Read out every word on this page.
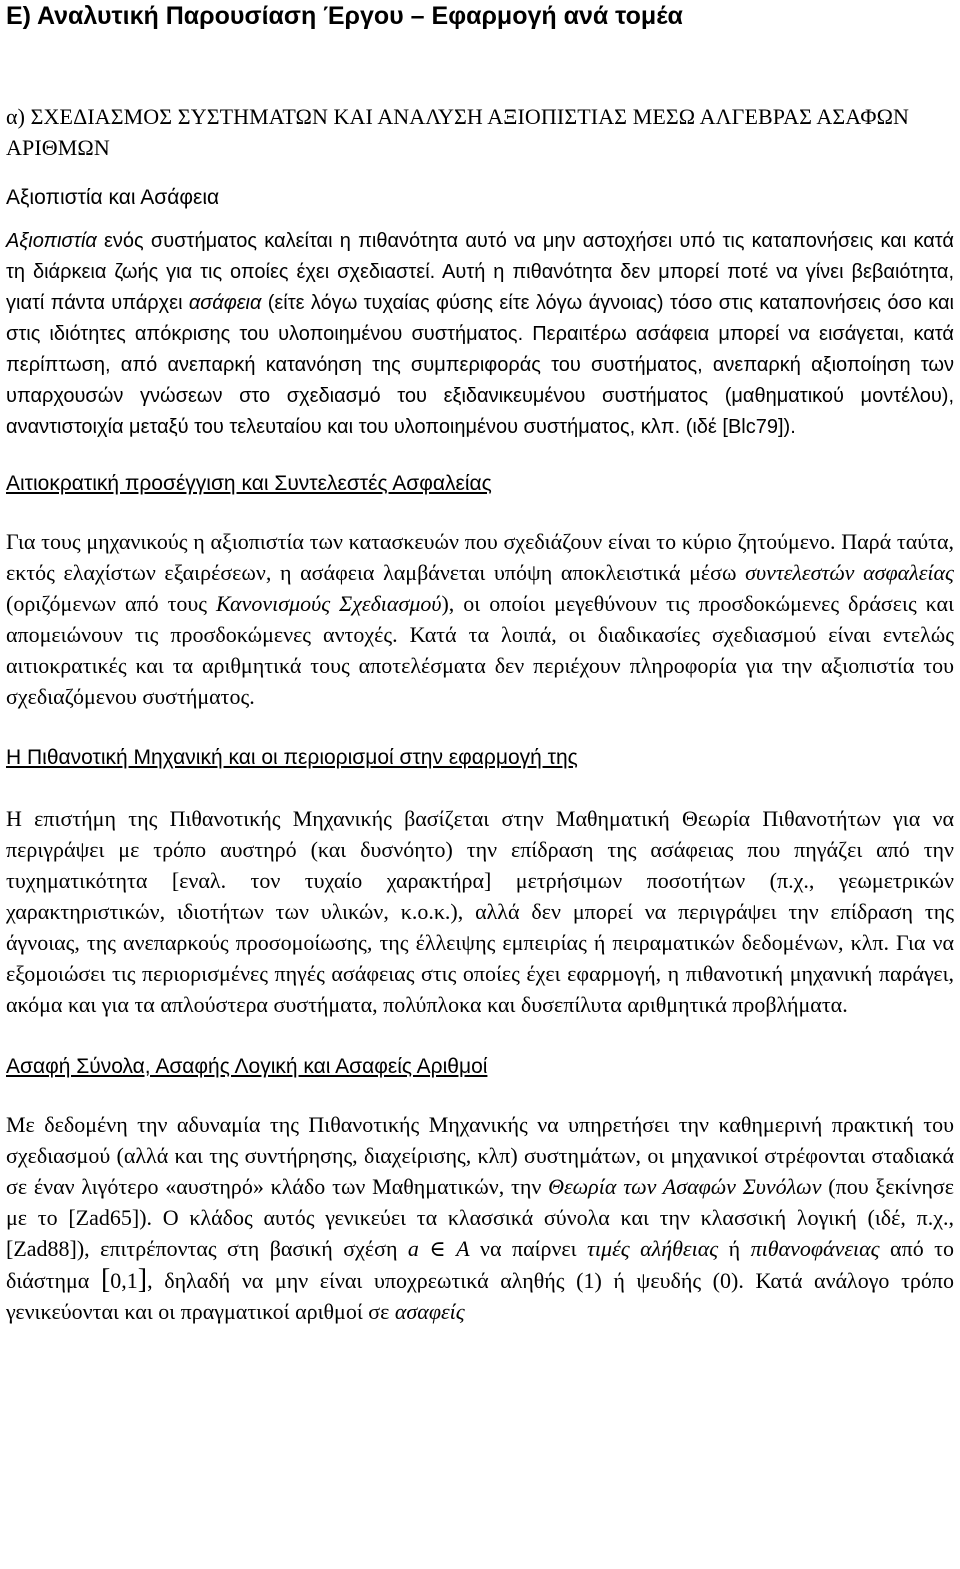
Ε) Αναλυτική Παρουσίαση Έργου – Εφαρμογή ανά τομέα
α) ΣΧΕΔΙΑΣΜΟΣ ΣΥΣΤΗΜΑΤΩΝ ΚΑΙ ΑΝΑΛΥΣΗ ΑΞΙΟΠΙΣΤΙΑΣ ΜΕΣΩ ΑΛΓΕΒΡΑΣ ΑΣΑΦΩΝ ΑΡΙΘΜΩΝ

Αξιοπιστία και Ασάφεια

Αξιοπιστία ενός συστήματος καλείται η πιθανότητα αυτό να μην αστοχήσει υπό τις καταπονήσεις και κατά τη διάρκεια ζωής για τις οποίες έχει σχεδιαστεί. Αυτή η πιθανότητα δεν μπορεί ποτέ να γίνει βεβαιότητα, γιατί πάντα υπάρχει ασάφεια (είτε λόγω τυχαίας φύσης είτε λόγω άγνοιας) τόσο στις καταπονήσεις όσο και στις ιδιότητες απόκρισης του υλοποιημένου συστήματος. Περαιτέρω ασάφεια μπορεί να εισάγεται, κατά περίπτωση, από ανεπαρκή κατανόηση της συμπεριφοράς του συστήματος, ανεπαρκή αξιοποίηση των υπαρχουσών γνώσεων στο σχεδιασμό του εξιδανικευμένου συστήματος (μαθηματικού μοντέλου), αναντιστοιχία μεταξύ του τελευταίου και του υλοποιημένου συστήματος, κλπ. (ιδέ [Blc79]).

Αιτιοκρατική προσέγγιση και Συντελεστές Ασφαλείας

Για τους μηχανικούς η αξιοπιστία των κατασκευών που σχεδιάζουν είναι το κύριο ζητούμενο. Παρά ταύτα, εκτός ελαχίστων εξαιρέσεων, η ασάφεια λαμβάνεται υπόψη αποκλειστικά μέσω συντελεστών ασφαλείας (οριζόμενων από τους Κανονισμούς Σχεδιασμού), οι οποίοι μεγεθύνουν τις προσδοκώμενες δράσεις και απομειώνουν τις προσδοκώμενες αντοχές. Κατά τα λοιπά, οι διαδικασίες σχεδιασμού είναι εντελώς αιτιοκρατικές και τα αριθμητικά τους αποτελέσματα δεν περιέχουν πληροφορία για την αξιοπιστία του σχεδιαζόμενου συστήματος.

Η Πιθανοτική Μηχανική και οι περιορισμοί στην εφαρμογή της

Η επιστήμη της Πιθανοτικής Μηχανικής βασίζεται στην Μαθηματική Θεωρία Πιθανοτήτων για να περιγράψει με τρόπο αυστηρό (και δυσνόητο) την επίδραση της ασάφειας που πηγάζει από την τυχηματικότητα [εναλ. τον τυχαίο χαρακτήρα] μετρήσιμων ποσοτήτων (π.χ., γεωμετρικών χαρακτηριστικών, ιδιοτήτων των υλικών, κ.ο.κ.), αλλά δεν μπορεί να περιγράψει την επίδραση της άγνοιας, της ανεπαρκούς προσομοίωσης, της έλλειψης εμπειρίας ή πειραματικών δεδομένων, κλπ. Για να εξομοιώσει τις περιορισμένες πηγές ασάφειας στις οποίες έχει εφαρμογή, η πιθανοτική μηχανική παράγει, ακόμα και για τα απλούστερα συστήματα, πολύπλοκα και δυσεπίλυτα αριθμητικά προβλήματα.

Ασαφή Σύνολα, Ασαφής Λογική και Ασαφείς Αριθμοί

Με δεδομένη την αδυναμία της Πιθανοτικής Μηχανικής να υπηρετήσει την καθημερινή πρακτική του σχεδιασμού (αλλά και της συντήρησης, διαχείρισης, κλπ) συστημάτων, οι μηχανικοί στρέφονται σταδιακά σε έναν λιγότερο «αυστηρό» κλάδο των Μαθηματικών, την Θεωρία των Ασαφών Συνόλων (που ξεκίνησε με το [Zad65]). Ο κλάδος αυτός γενικεύει τα κλασσικά σύνολα και την κλασσική λογική (ιδέ, π.χ., [Zad88]), επιτρέποντας στη βασική σχέση a ∈ A να παίρνει τιμές αλήθειας ή πιθανοφάνειας από το διάστημα [0,1], δηλαδή να μην είναι υποχρεωτικά αληθής (1) ή ψευδής (0). Κατά ανάλογο τρόπο γενικεύονται και οι πραγματικοί αριθμοί σε ασαφείς
